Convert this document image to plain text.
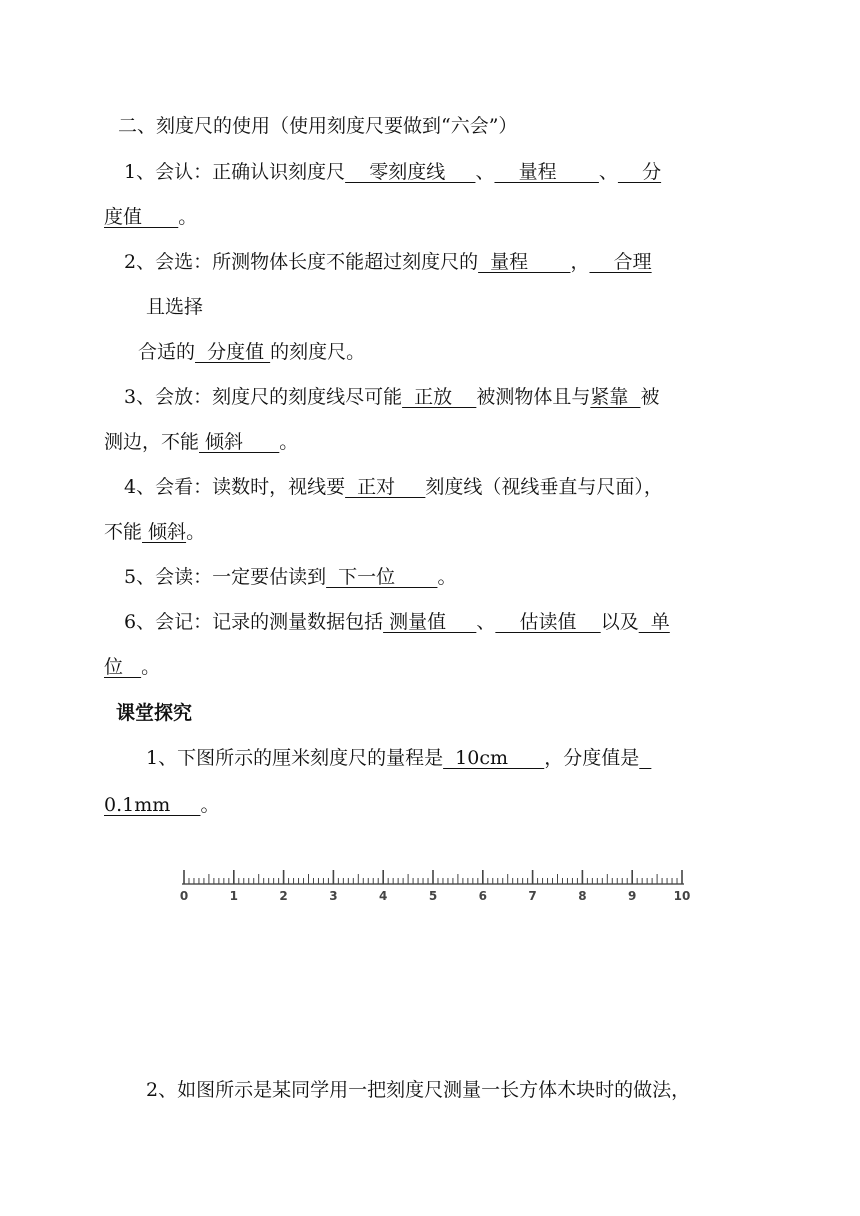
二、刻度尺的使用（使用刻度尺要做到“六会”）
1、会认：正确认识刻度尺    零刻度线     、    量程       、    分
度值      。
2、会选：所测物体长度不能超过刻度尺的  量程       ，    合理
且选择
合适的  分度值 的刻度尺。
3、会放：刻度尺的刻度线尽可能  正放    被测物体且与紧靠  被
测边，不能 倾斜      。
4、会看：读数时，视线要  正对     刻度线（视线垂直与尺面），
不能 倾斜。
5、会读：一定要估读到  下一位       。
6、会记：记录的测量数据包括 测量值     、    估读值    以及  单
位   。
课堂探究
1、下图所示的厘米刻度尺的量程是  10cm      ，分度值是
0.1mm     。
0	1	2	3	4	5	6	7	8	9	10
2、如图所示是某同学用一把刻度尺测量一长方体木块时的做法，
